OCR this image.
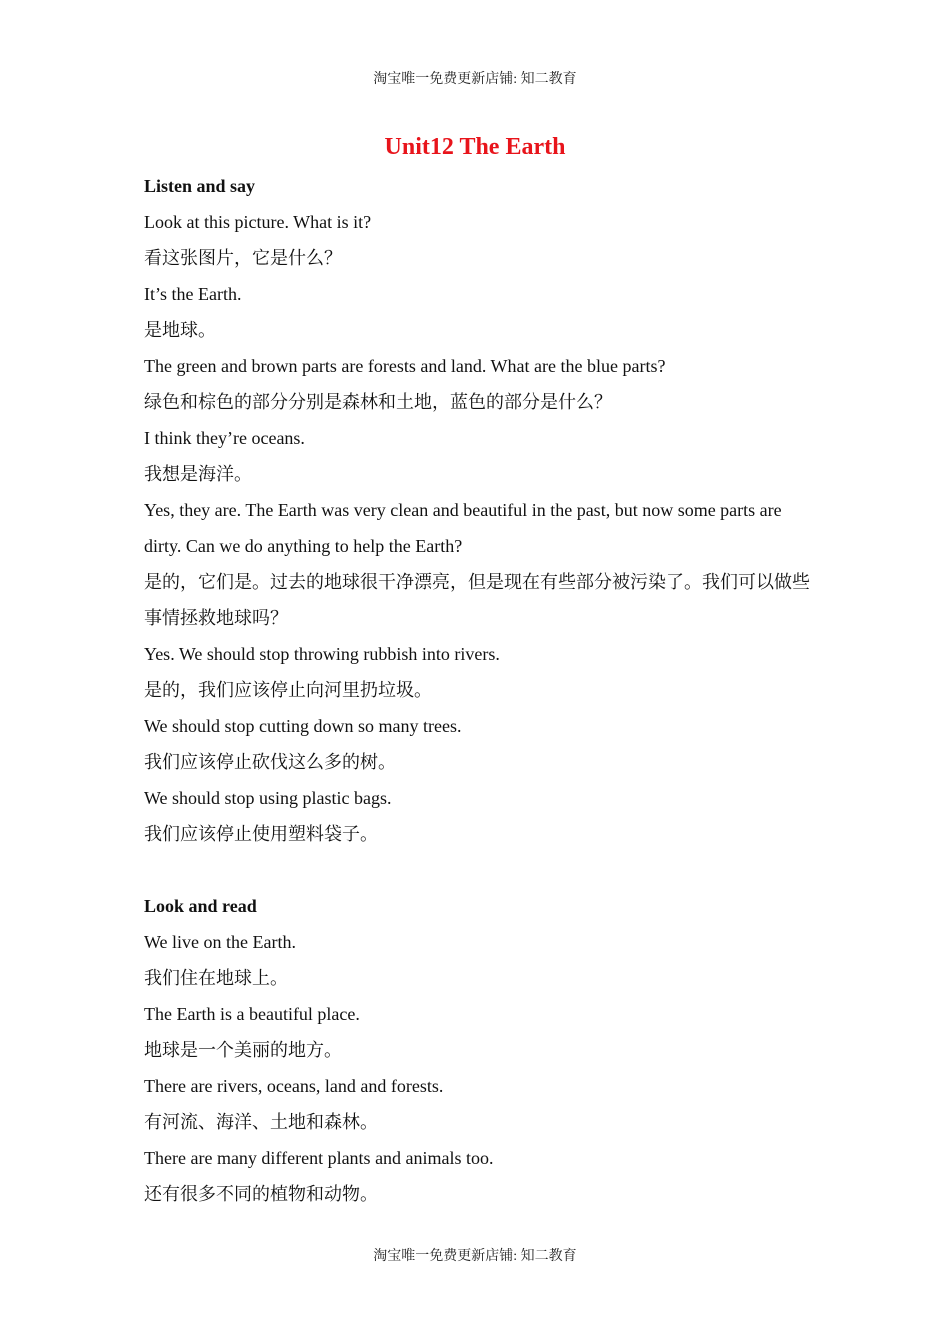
淘宝唯一免费更新店铺: 知二教育
Unit12 The Earth
Listen and say
Look at this picture. What is it?
看这张图片，它是什么？
It’s the Earth.
是地球。
The green and brown parts are forests and land. What are the blue parts?
绿色和棕色的部分分别是森林和土地，蓝色的部分是什么？
I think they’re oceans.
我想是海洋。
Yes, they are. The Earth was very clean and beautiful in the past, but now some parts are dirty. Can we do anything to help the Earth?
是的，它们是。过去的地球很干净漂亮，但是现在有些部分被污染了。我们可以做些事情拯救地球吗？
Yes. We should stop throwing rubbish into rivers.
是的，我们应该停止向河里扔垃圾。
We should stop cutting down so many trees.
我们应该停止砍伐这么多的树。
We should stop using plastic bags.
我们应该停止使用塑料袋子。
Look and read
We live on the Earth.
我们住在地球上。
The Earth is a beautiful place.
地球是一个美丽的地方。
There are rivers, oceans, land and forests.
有河流、海洋、土地和森林。
There are many different plants and animals too.
还有很多不同的植物和动物。
淘宝唯一免费更新店铺: 知二教育
